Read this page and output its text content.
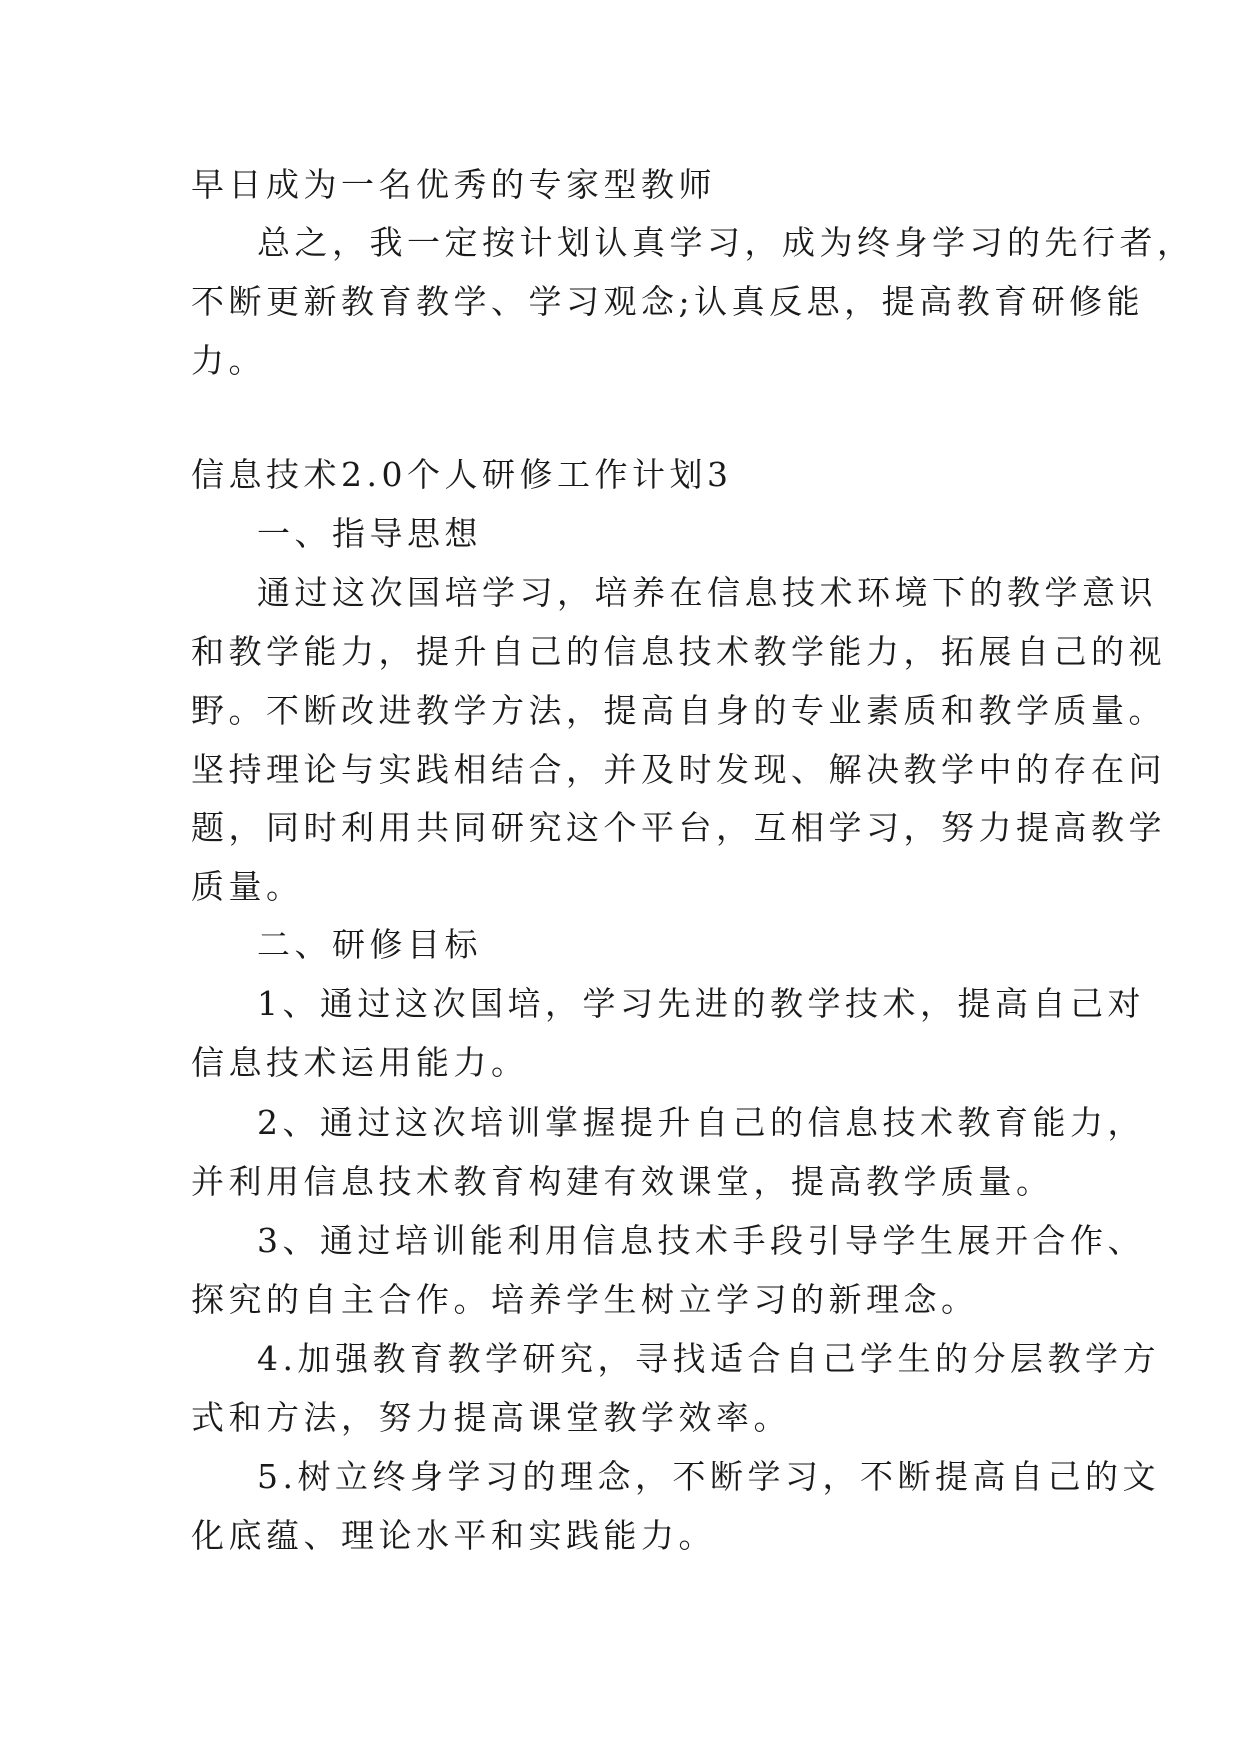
早日成为一名优秀的专家型教师
总之，我一定按计划认真学习，成为终身学习的先行者，
不断更新教育教学、学习观念;认真反思，提高教育研修能
力。
信息技术2.0个人研修工作计划3
一、指导思想
通过这次国培学习，培养在信息技术环境下的教学意识
和教学能力，提升自己的信息技术教学能力，拓展自己的视
野。不断改进教学方法，提高自身的专业素质和教学质量。
坚持理论与实践相结合，并及时发现、解决教学中的存在问
题，同时利用共同研究这个平台，互相学习，努力提高教学
质量。
二、研修目标
1、通过这次国培，学习先进的教学技术，提高自己对
信息技术运用能力。
2、通过这次培训掌握提升自己的信息技术教育能力，
并利用信息技术教育构建有效课堂，提高教学质量。
3、通过培训能利用信息技术手段引导学生展开合作、
探究的自主合作。培养学生树立学习的新理念。
4.加强教育教学研究，寻找适合自己学生的分层教学方
式和方法，努力提高课堂教学效率。
5.树立终身学习的理念，不断学习，不断提高自己的文
化底蕴、理论水平和实践能力。
